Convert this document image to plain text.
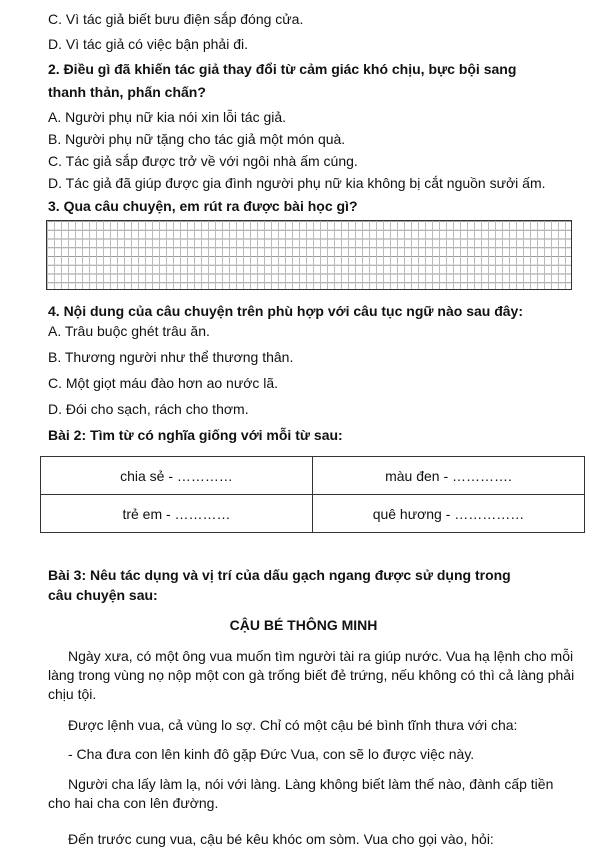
C. Vì tác giả biết bưu điện sắp đóng cửa.
D. Vì tác giả có việc bận phải đi.
2. Điều gì đã khiến tác giả thay đổi từ cảm giác khó chịu, bực bội sang
thanh thản, phấn chấn?
A. Người phụ nữ kia nói xin lỗi tác giả.
B. Người phụ nữ tặng cho tác giả một món quà.
C. Tác giả sắp được trở về với ngôi nhà ấm cúng.
D. Tác giả đã giúp được gia đình người phụ nữ kia không bị cắt nguồn sưởi ấm.
3. Qua câu chuyện, em rút ra được bài học gì?
4. Nội dung của câu chuyện trên phù hợp với câu tục ngữ nào sau đây:
A. Trâu buộc ghét trâu ăn.
B. Thương người như thể thương thân.
C. Một giọt máu đào hơn ao nước lã.
D. Đói cho sạch, rách cho thơm.
Bài 2: Tìm từ có nghĩa giống với mỗi từ sau:
chia sẻ - …………	màu đen - ………….
trẻ em - …………	quê hương - ……………
Bài 3: Nêu tác dụng và vị trí của dấu gạch ngang được sử dụng trong
câu chuyện sau:
CẬU BÉ THÔNG MINH
Ngày xưa, có một ông vua muốn tìm người tài ra giúp nước. Vua hạ lệnh cho mỗi làng trong vùng nọ nộp một con gà trống biết đẻ trứng, nếu không có thì cả làng phải chịu tội.
Được lệnh vua, cả vùng lo sợ. Chỉ có một cậu bé bình tĩnh thưa với cha:
- Cha đưa con lên kinh đô gặp Đức Vua, con sẽ lo được việc này.
Người cha lấy làm lạ, nói với làng. Làng không biết làm thế nào, đành cấp tiền cho hai cha con lên đường.
Đến trước cung vua, cậu bé kêu khóc om sòm. Vua cho gọi vào, hỏi:
